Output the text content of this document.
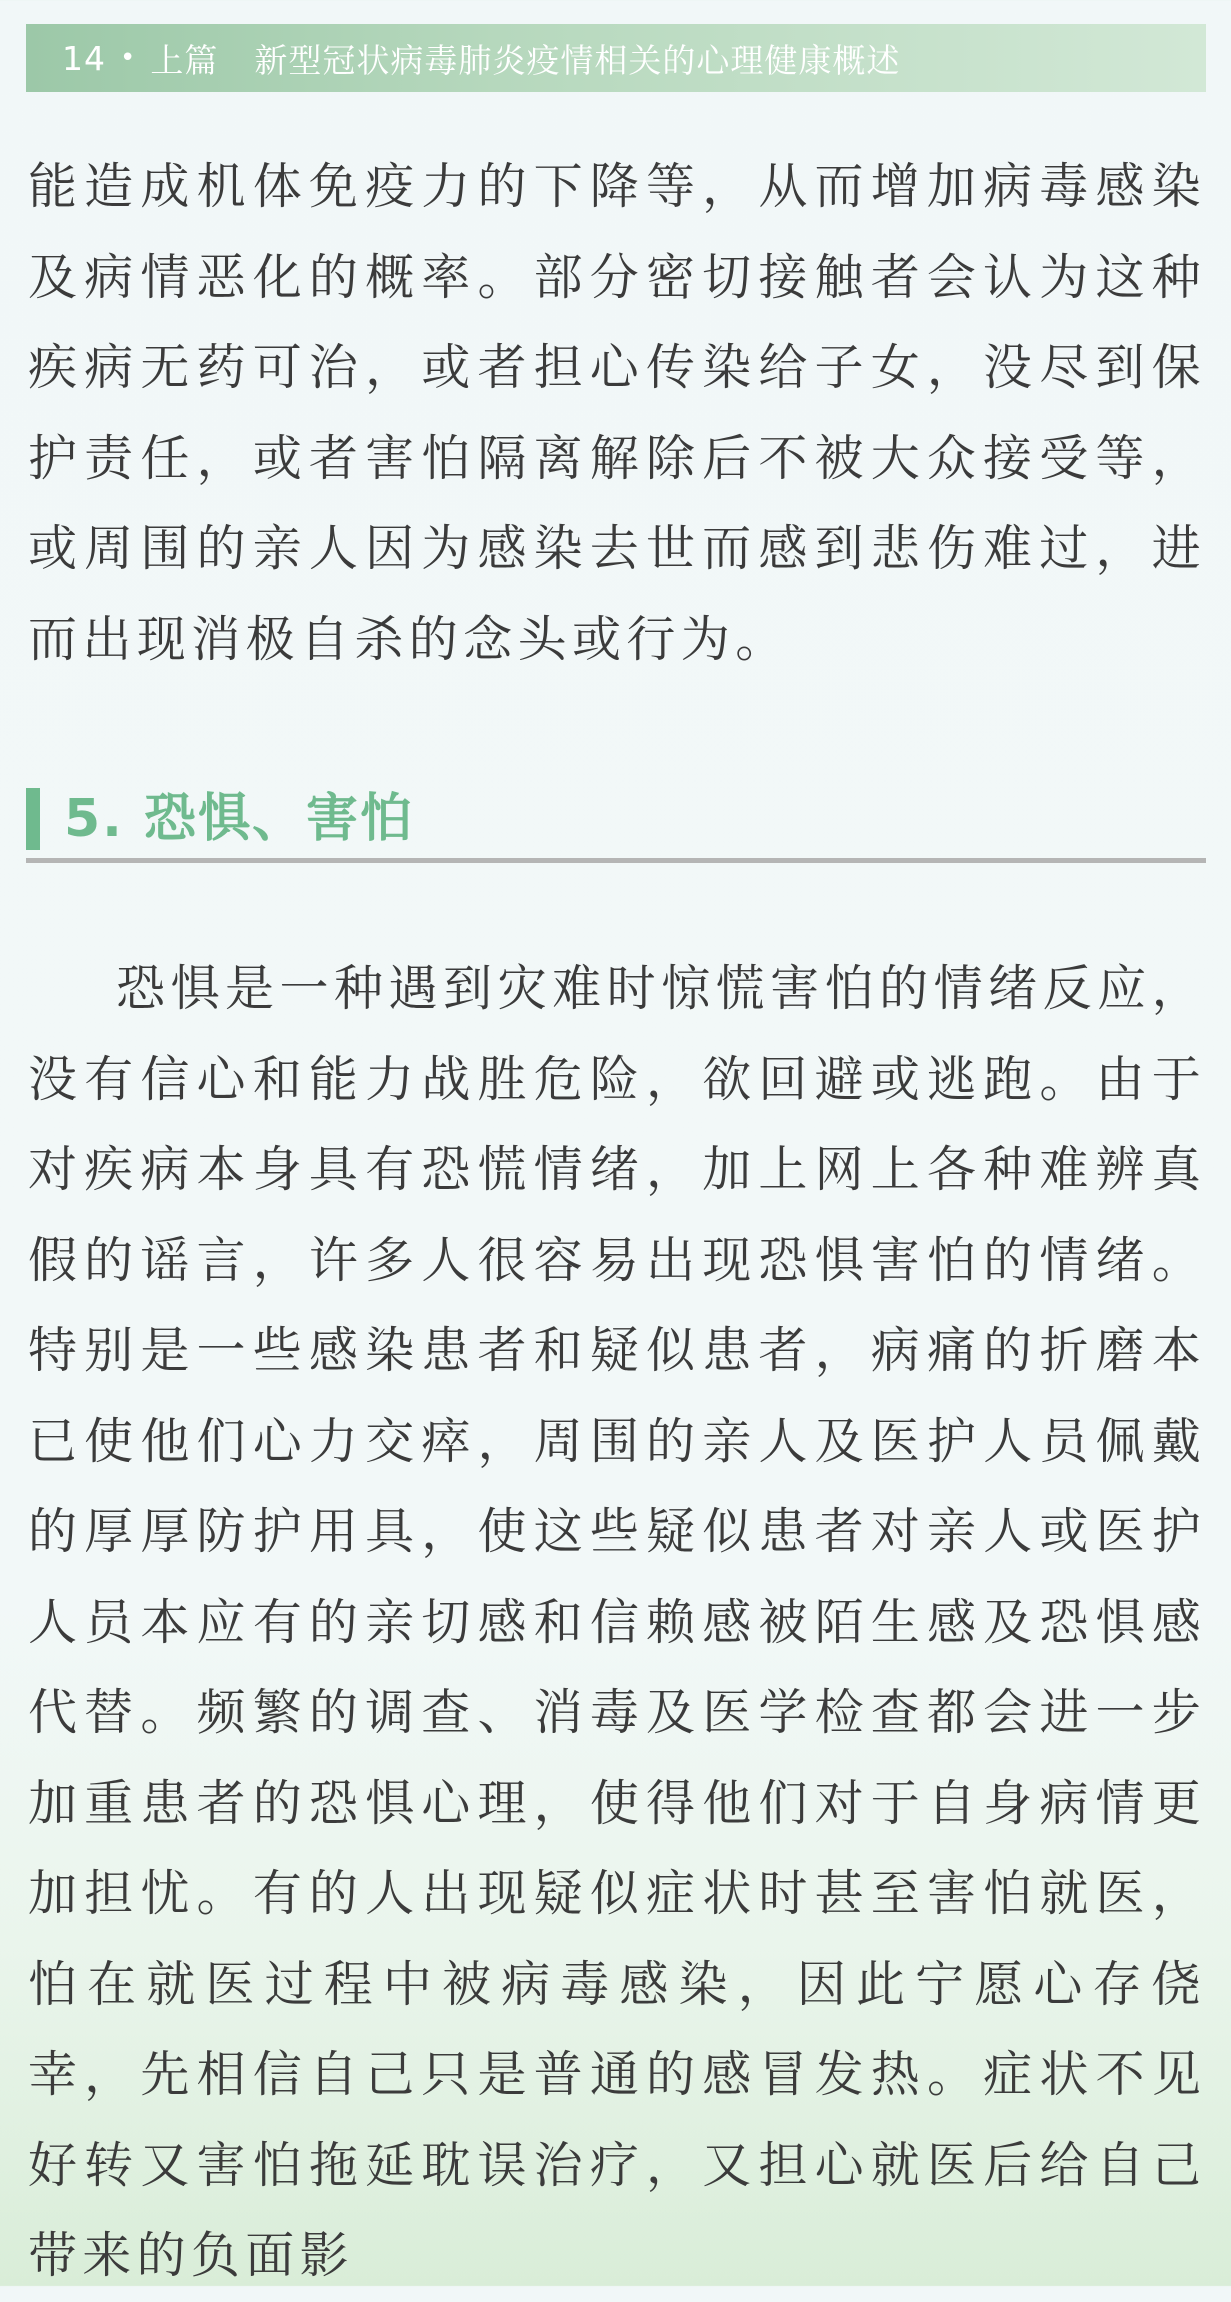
14 • 上篇 新型冠状病毒肺炎疫情相关的心理健康概述

能造成机体免疫力的下降等，从而增加病毒感染及病情恶化的概率。部分密切接触者会认为这种疾病无药可治，或者担心传染给子女，没尽到保护责任，或者害怕隔离解除后不被大众接受等，或周围的亲人因为感染去世而感到悲伤难过，进而出现消极自杀的念头或行为。

5. 恐惧、害怕

恐惧是一种遇到灾难时惊慌害怕的情绪反应，没有信心和能力战胜危险，欲回避或逃跑。由于对疾病本身具有恐慌情绪，加上网上各种难辨真假的谣言，许多人很容易出现恐惧害怕的情绪。特别是一些感染患者和疑似患者，病痛的折磨本已使他们心力交瘁，周围的亲人及医护人员佩戴的厚厚防护用具，使这些疑似患者对亲人或医护人员本应有的亲切感和信赖感被陌生感及恐惧感代替。频繁的调查、消毒及医学检查都会进一步加重患者的恐惧心理，使得他们对于自身病情更加担忧。有的人出现疑似症状时甚至害怕就医，怕在就医过程中被病毒感染，因此宁愿心存侥幸，先相信自己只是普通的感冒发热。症状不见好转又害怕拖延耽误治疗，又担心就医后给自己带来的负面影
